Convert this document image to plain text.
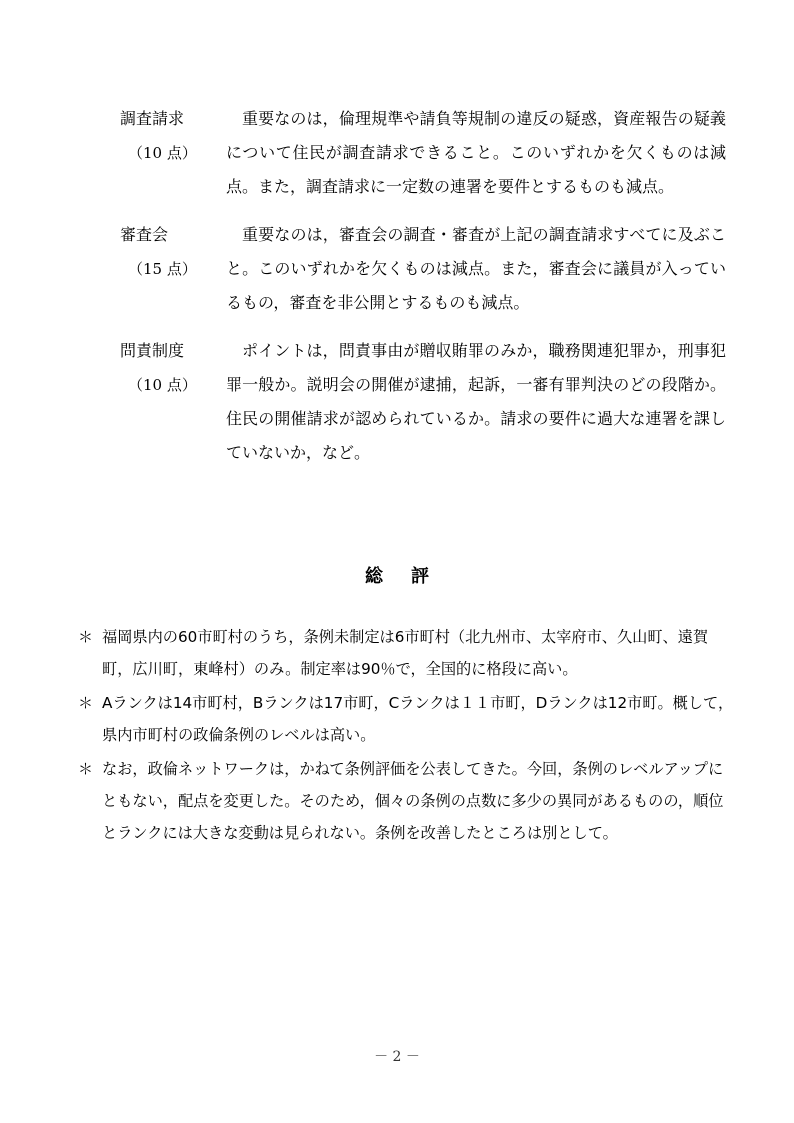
調査請求
（10 点）
重要なのは，倫理規準や請負等規制の違反の疑惑，資産報告の疑義について住民が調査請求できること。このいずれかを欠くものは減点。また，調査請求に一定数の連署を要件とするものも減点。
審査会
（15 点）
重要なのは，審査会の調査・審査が上記の調査請求すべてに及ぶこと。このいずれかを欠くものは減点。また，審査会に議員が入っているもの，審査を非公開とするものも減点。
問責制度
（10 点）
ポイントは，問責事由が贈収賄罪のみか，職務関連犯罪か，刑事犯罪一般か。説明会の開催が逮捕，起訴，一審有罪判決のどの段階か。住民の開催請求が認められているか。請求の要件に過大な連署を課していないか，など。
総評
＊ 福岡県内の60市町村のうち，条例未制定は6市町村（北九州市、太宰府市、久山町、遠賀町，広川町，東峰村）のみ。制定率は90％で，全国的に格段に高い。
＊ Aランクは14市町村，Bランクは17市町，Cランクは１１市町，Dランクは12市町。概して，県内市町村の政倫条例のレベルは高い。
＊ なお，政倫ネットワークは，かねて条例評価を公表してきた。今回，条例のレベルアップにともない，配点を変更した。そのため，個々の条例の点数に多少の異同があるものの，順位とランクには大きな変動は見られない。条例を改善したところは別として。
－ 2 －
